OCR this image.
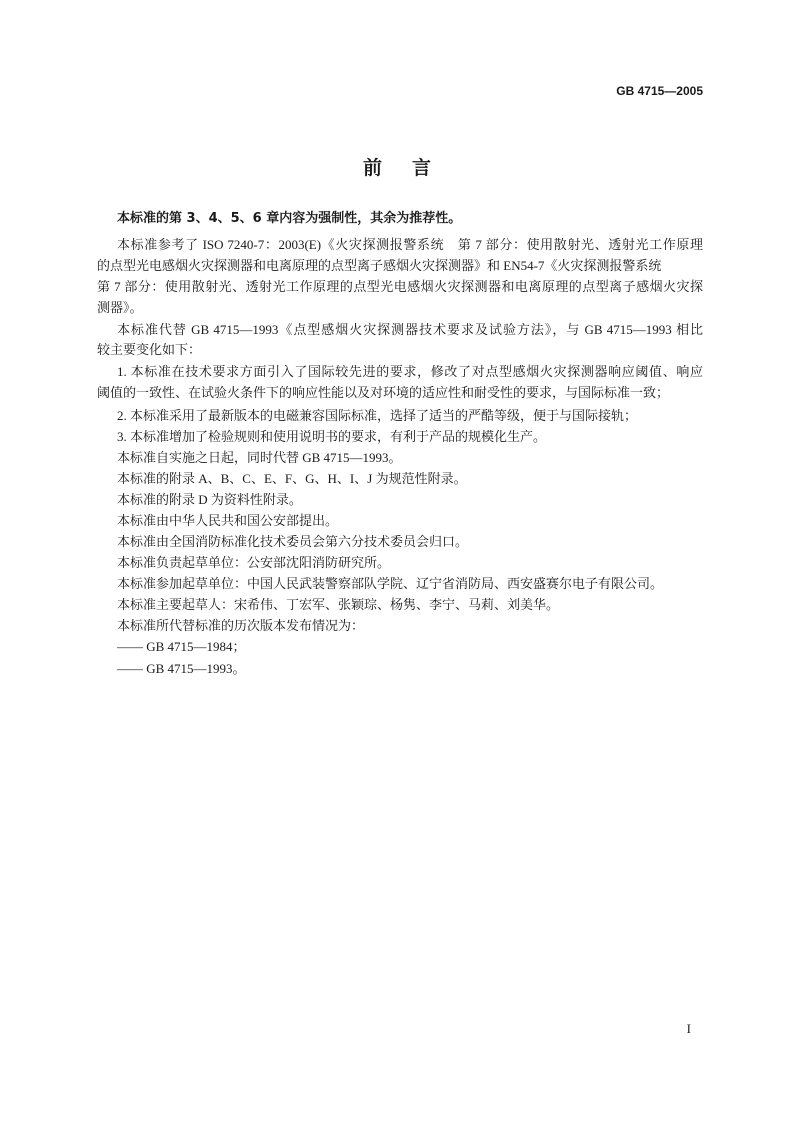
GB 4715—2005
前言
本标准的第 3、4、5、6 章内容为强制性，其余为推荐性。
本标准参考了 ISO 7240-7：2003(E)《火灾探测报警系统　第 7 部分：使用散射光、透射光工作原理
的点型光电感烟火灾探测器和电离原理的点型离子感烟火灾探测器》和 EN54-7《火灾探测报警系统
第 7 部分：使用散射光、透射光工作原理的点型光电感烟火灾探测器和电离原理的点型离子感烟火灾探
测器》。
本标准代替 GB 4715—1993《点型感烟火灾探测器技术要求及试验方法》，与 GB 4715—1993 相比
较主要变化如下：
1. 本标准在技术要求方面引入了国际较先进的要求，修改了对点型感烟火灾探测器响应阈值、响应
阈值的一致性、在试验火条件下的响应性能以及对环境的适应性和耐受性的要求，与国际标准一致；
2. 本标准采用了最新版本的电磁兼容国际标准，选择了适当的严酷等级，便于与国际接轨；
3. 本标准增加了检验规则和使用说明书的要求，有利于产品的规模化生产。
本标准自实施之日起，同时代替 GB 4715—1993。
本标准的附录 A、B、C、E、F、G、H、I、J 为规范性附录。
本标准的附录 D 为资料性附录。
本标准由中华人民共和国公安部提出。
本标准由全国消防标准化技术委员会第六分技术委员会归口。
本标准负责起草单位：公安部沈阳消防研究所。
本标准参加起草单位：中国人民武装警察部队学院、辽宁省消防局、西安盛赛尔电子有限公司。
本标准主要起草人：宋希伟、丁宏军、张颖琮、杨隽、李宁、马莉、刘美华。
本标准所代替标准的历次版本发布情况为：
—— GB 4715—1984；
—— GB 4715—1993。
I
